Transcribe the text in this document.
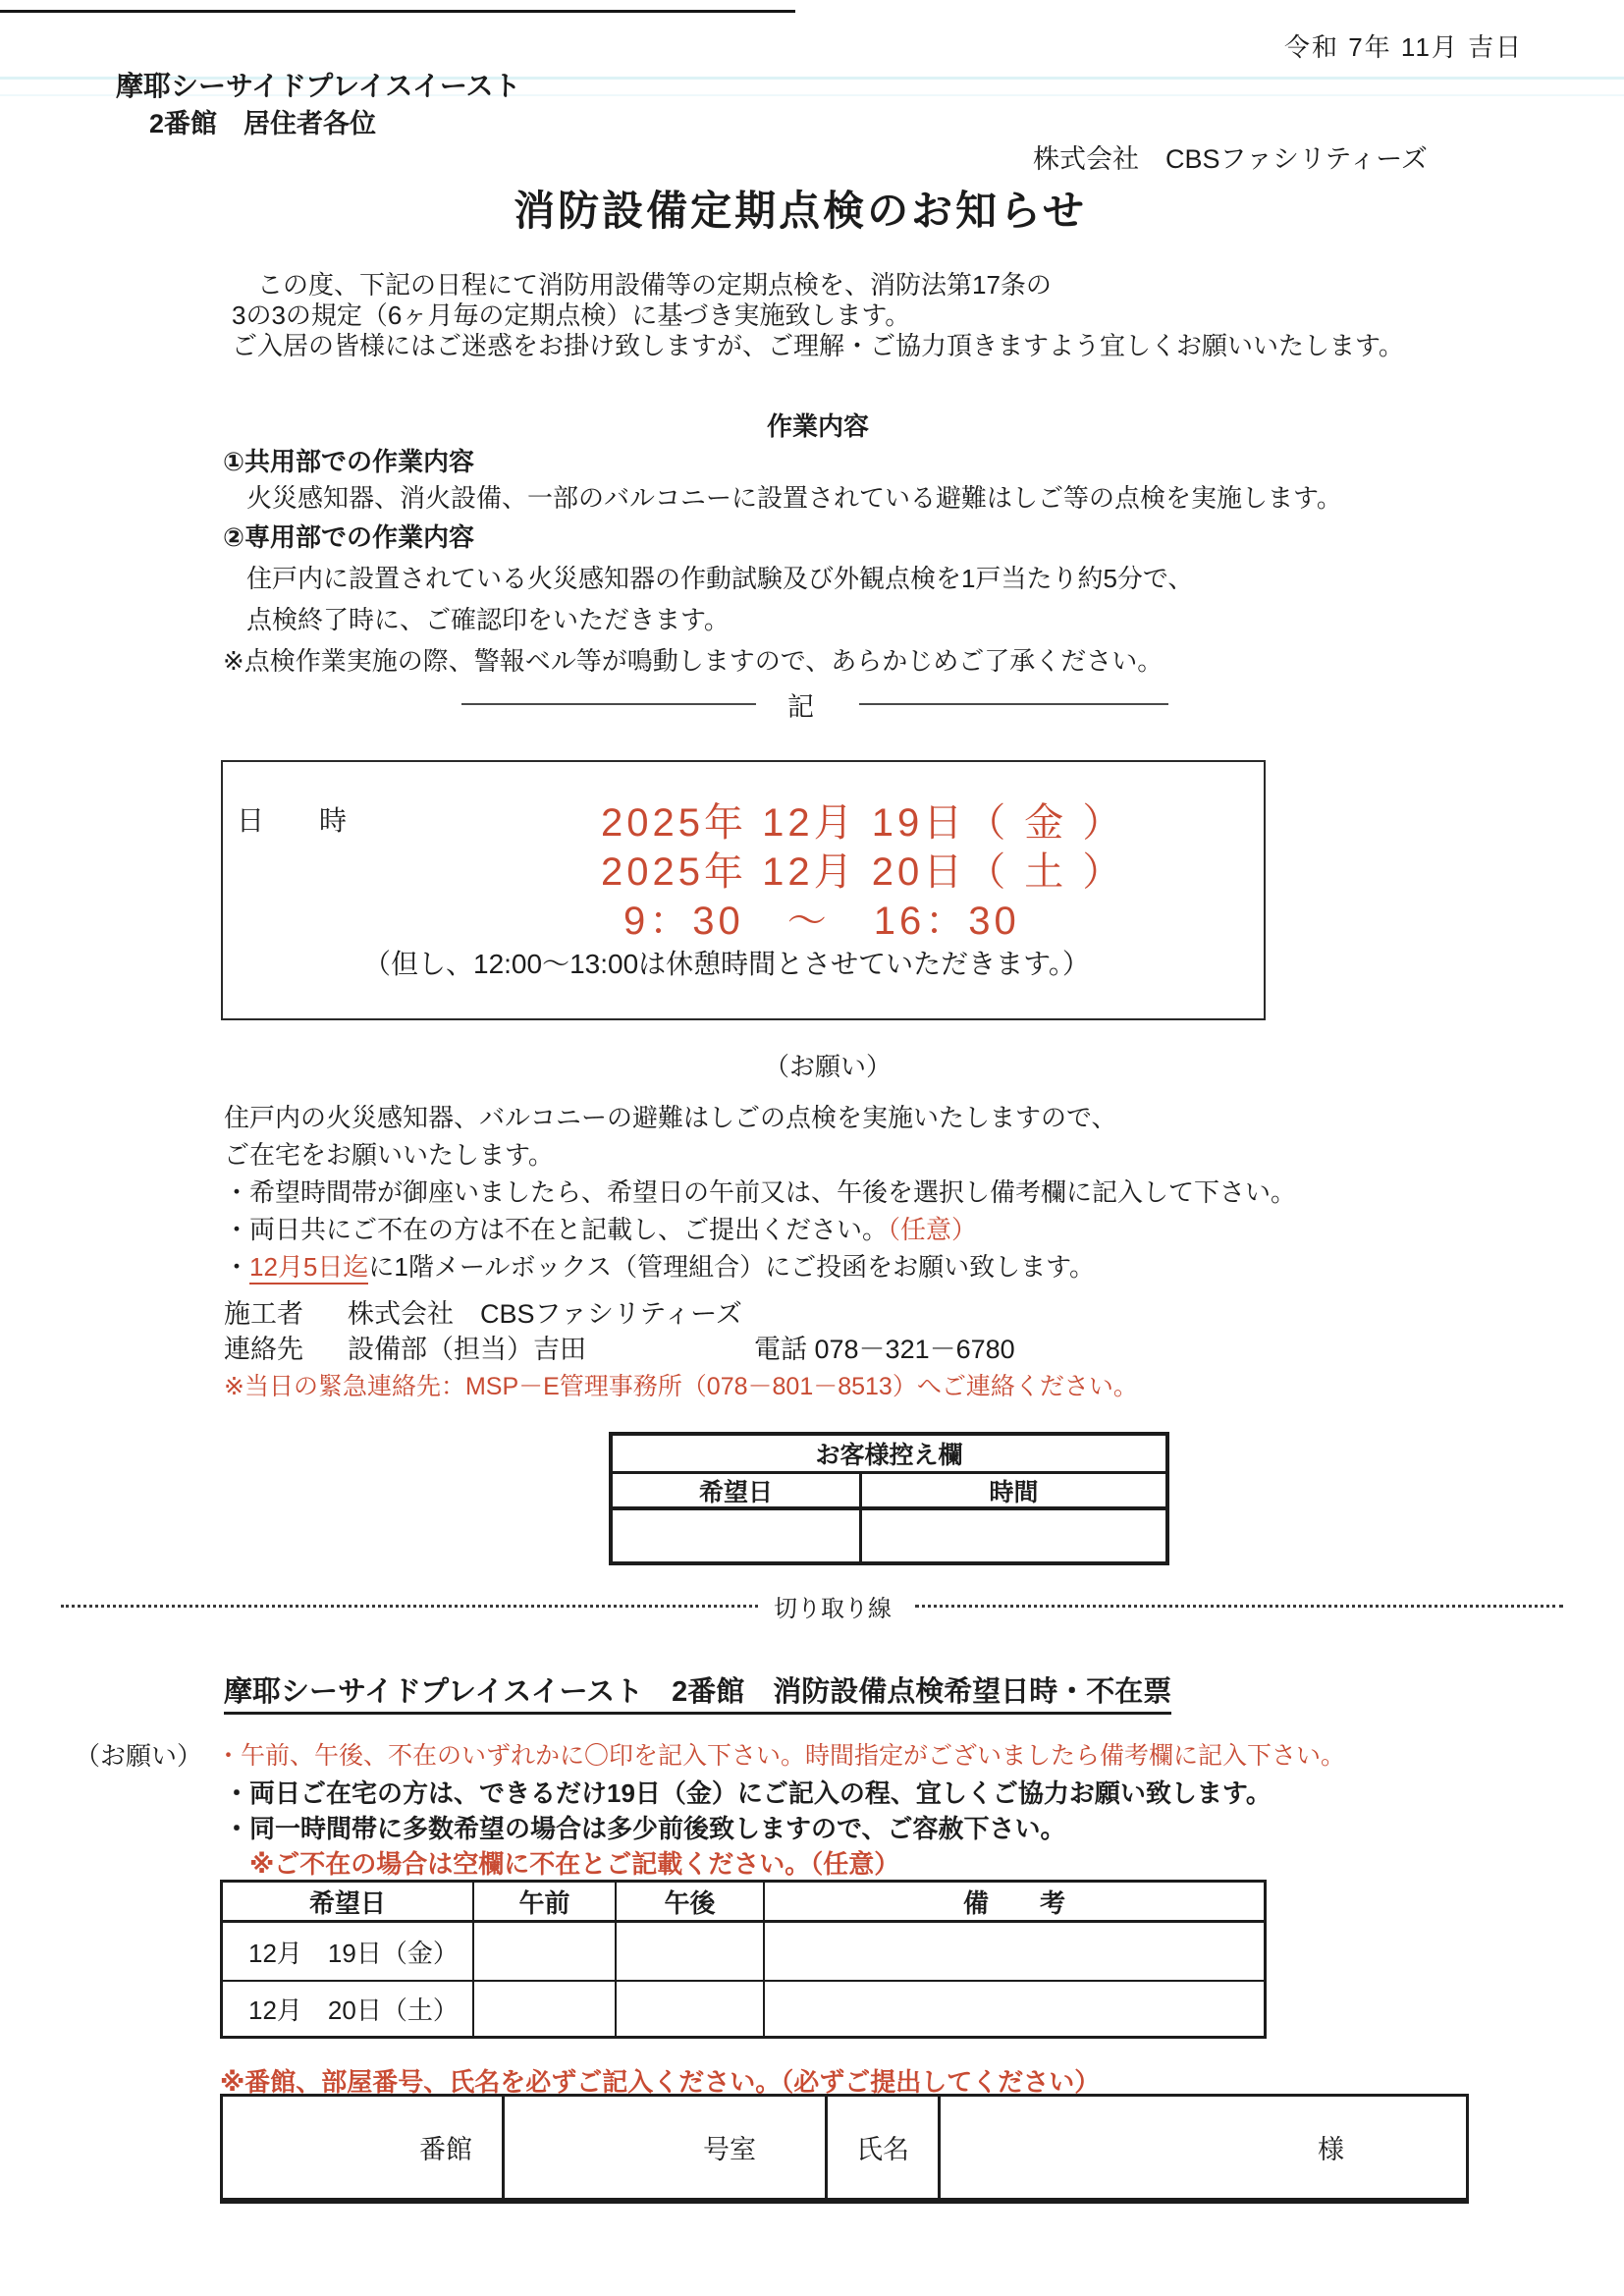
令和 7年 11月 吉日
摩耶シーサイドプレイスイースト
2番館　居住者各位
株式会社　CBSファシリティーズ
消防設備定期点検のお知らせ
　この度、下記の日程にて消防用設備等の定期点検を、消防法第17条の
3の3の規定（6ヶ月毎の定期点検）に基づき実施致します。
ご入居の皆様にはご迷惑をお掛け致しますが、ご理解・ご協力頂きますよう宜しくお願いいたします。
作業内容
①共用部での作業内容
火災感知器、消火設備、一部のバルコニーに設置されている避難はしご等の点検を実施します。
②専用部での作業内容
住戸内に設置されている火災感知器の作動試験及び外観点検を1戸当たり約5分で、
点検終了時に、ご確認印をいただきます。
※点検作業実施の際、警報ベル等が鳴動しますので、あらかじめご了承ください。
記
日　　時	2025年 12月 19日（ 金 ）
2025年 12月 20日（ 土 ）
9：30　～　16：30
（但し、12:00～13:00は休憩時間とさせていただきます。）
（お願い）
住戸内の火災感知器、バルコニーの避難はしごの点検を実施いたしますので、
ご在宅をお願いいたします。
・希望時間帯が御座いましたら、希望日の午前又は、午後を選択し備考欄に記入して下さい。
・両日共にご不在の方は不在と記載し、ご提出ください。（任意）
・12月5日迄に1階メールボックス（管理組合）にご投函をお願い致します。
施工者 株式会社　CBSファシリティーズ
連絡先 設備部（担当）吉田	電話 078－321－6780
※当日の緊急連絡先：MSP－E管理事務所（078－801－8513）へご連絡ください。
お客様控え欄
希望日	時間
切り取り線
摩耶シーサイドプレイスイースト　2番館　消防設備点検希望日時・不在票
（お願い） ・午前、午後、不在のいずれかに〇印を記入下さい。時間指定がございましたら備考欄に記入下さい。
・両日ご在宅の方は、できるだけ19日（金）にご記入の程、宜しくご協力お願い致します。
・同一時間帯に多数希望の場合は多少前後致しますので、ご容赦下さい。
※ご不在の場合は空欄に不在とご記載ください。（任意）
希望日	午前	午後	備　　考
12月　19日（金）
12月　20日（土）
※番館、部屋番号、氏名を必ずご記入ください。（必ずご提出してください）
番館	号室	氏名	様
